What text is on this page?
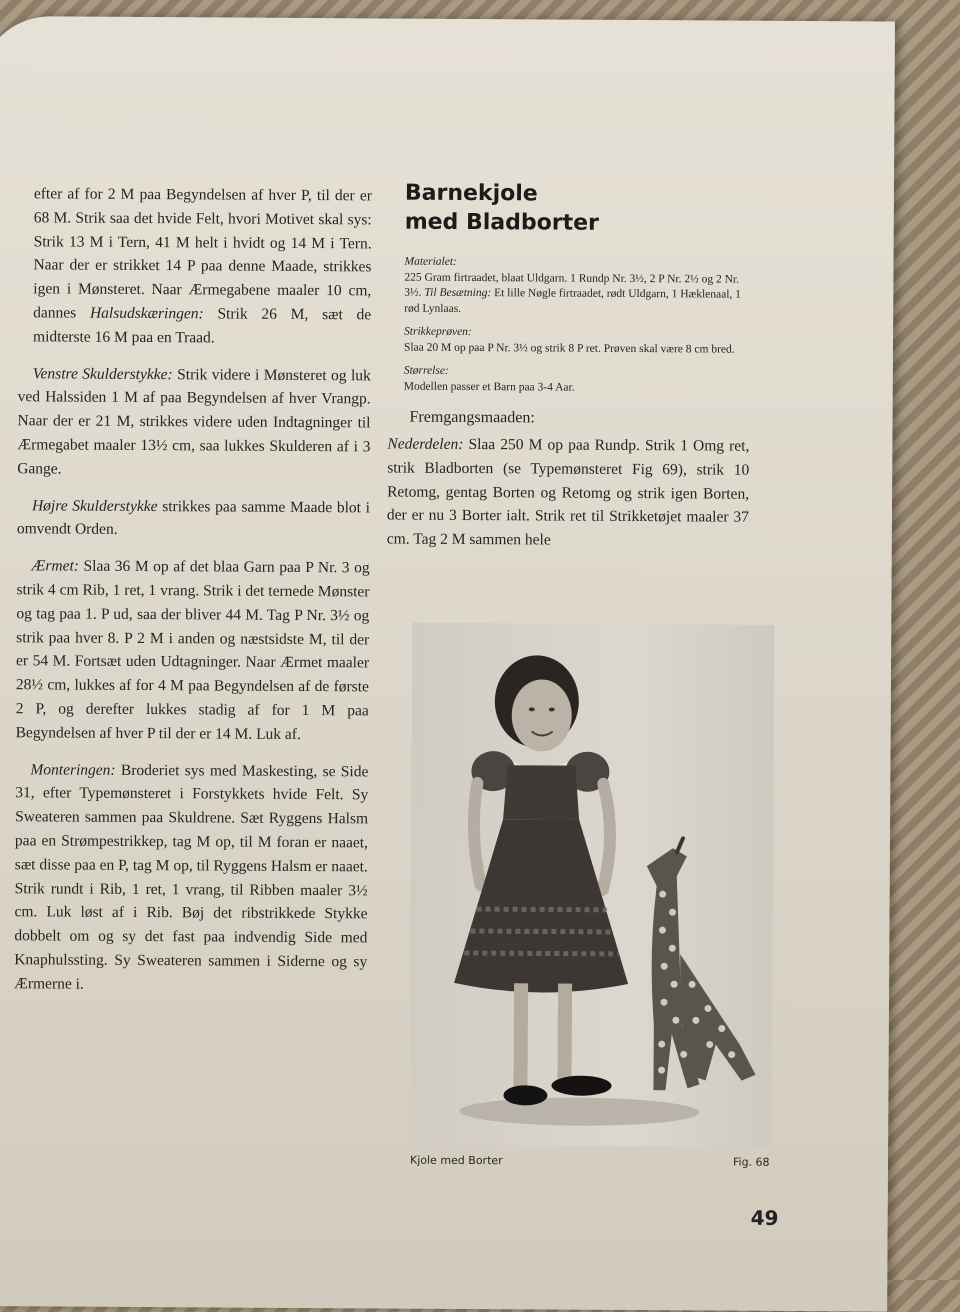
efter af for 2 M paa Begyndelsen af hver P, til der er 68 M. Strik saa det hvide Felt, hvori Motivet skal sys: Strik 13 M i Tern, 41 M helt i hvidt og 14 M i Tern. Naar der er strikket 14 P paa denne Maade, strikkes igen i Mønsteret. Naar Ærmegabene maaler 10 cm, dannes Halsudskæringen: Strik 26 M, sæt de midterste 16 M paa en Traad.

Venstre Skulderstykke: Strik videre i Mønsteret og luk ved Halssiden 1 M af paa Begyndelsen af hver Vrangp. Naar der er 21 M, strikkes videre uden Indtagninger til Ærmegabet maaler 13½ cm, saa lukkes Skulderen af i 3 Gange.

Højre Skulderstykke strikkes paa samme Maade blot i omvendt Orden.

Ærmet: Slaa 36 M op af det blaa Garn paa P Nr. 3 og strik 4 cm Rib, 1 ret, 1 vrang. Strik i det ternede Mønster og tag paa 1. P ud, saa der bliver 44 M. Tag P Nr. 3½ og strik paa hver 8. P 2 M i anden og næstsidste M, til der er 54 M. Fortsæt uden Udtagninger. Naar Ærmet maaler 28½ cm, lukkes af for 4 M paa Begyndelsen af de første 2 P, og derefter lukkes stadig af for 1 M paa Begyndelsen af hver P til der er 14 M. Luk af.

Monteringen: Broderiet sys med Maskesting, se Side 31, efter Typemønsteret i Forstykkets hvide Felt. Sy Sweateren sammen paa Skuldrene. Sæt Ryggens Halsm paa en Strømpestrikkep, tag M op, til M foran er naaet, sæt disse paa en P, tag M op, til Ryggens Halsm er naaet. Strik rundt i Rib, 1 ret, 1 vrang, til Ribben maaler 3½ cm. Luk løst af i Rib. Bøj det ribstrikkede Stykke dobbelt om og sy det fast paa indvendig Side med Knaphulssting. Sy Sweateren sammen i Siderne og sy Ærmerne i.

Barnekjole
med Bladborter
Materialet:
225 Gram firtraadet, blaat Uldgarn. 1 Rundp Nr. 3½, 2 P Nr. 2½ og 2 Nr. 3½. Til Besætning: Et lille Nøgle firtraadet, rødt Uldgarn, 1 Hæklenaal, 1 rød Lynlaas.
Strikkeprøven:
Slaa 20 M op paa P Nr. 3½ og strik 8 P ret. Prøven skal være 8 cm bred.
Størrelse:
Modellen passer et Barn paa 3-4 Aar.
Fremgangsmaaden:

Nederdelen: Slaa 250 M op paa Rundp. Strik 1 Omg ret, strik Bladborten (se Typemønsteret Fig 69), strik 10 Retomg, gentag Borten og Retomg og strik igen Borten, der er nu 3 Borter ialt. Strik ret til Strikketøjet maaler 37 cm. Tag 2 M sammen hele

Kjole med Borter	Fig. 68
49
